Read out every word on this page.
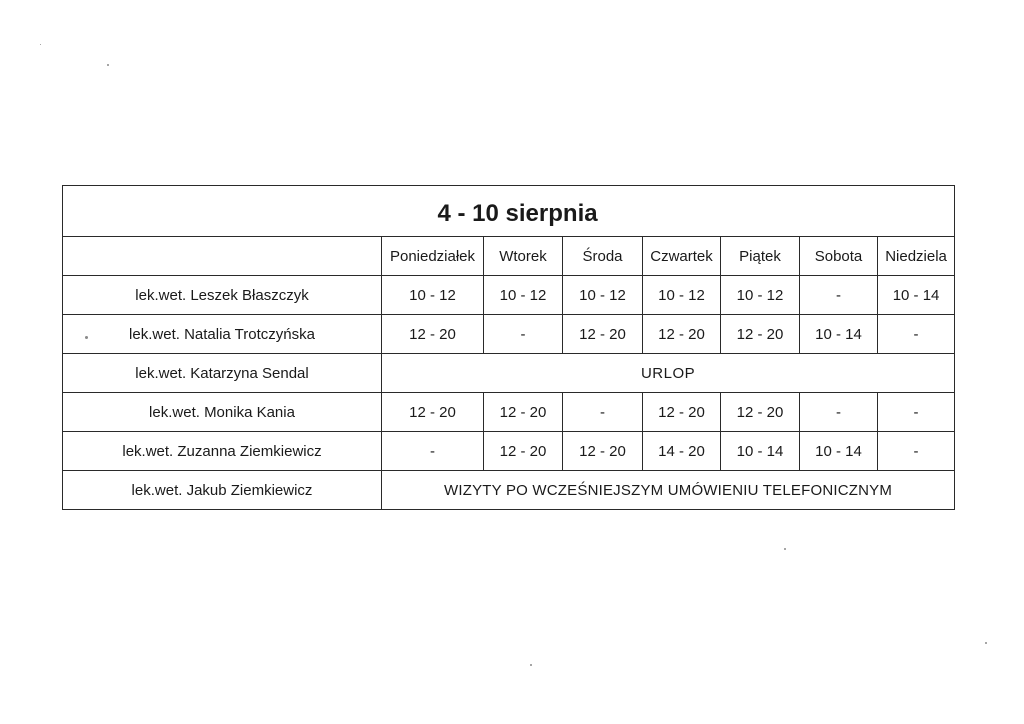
4 - 10 sierpnia							
	Poniedziałek	Wtorek	Środa	Czwartek	Piątek	Sobota	Niedziela
lek.wet. Leszek Błaszczyk	10 - 12	10 - 12	10 - 12	10 - 12	10 - 12	-	10 - 14
lek.wet. Natalia Trotczyńska	12 - 20	-	12 - 20	12 - 20	12 - 20	10 - 14	-
lek.wet. Katarzyna Sendal	URLOP						
lek.wet. Monika Kania	12 - 20	12 - 20	-	12 - 20	12 - 20	-	-
lek.wet. Zuzanna Ziemkiewicz	-	12 - 20	12 - 20	14 - 20	10 - 14	10 - 14	-
lek.wet. Jakub Ziemkiewicz	WIZYTY PO WCZEŚNIEJSZYM UMÓWIENIU TELEFONICZNYM						
